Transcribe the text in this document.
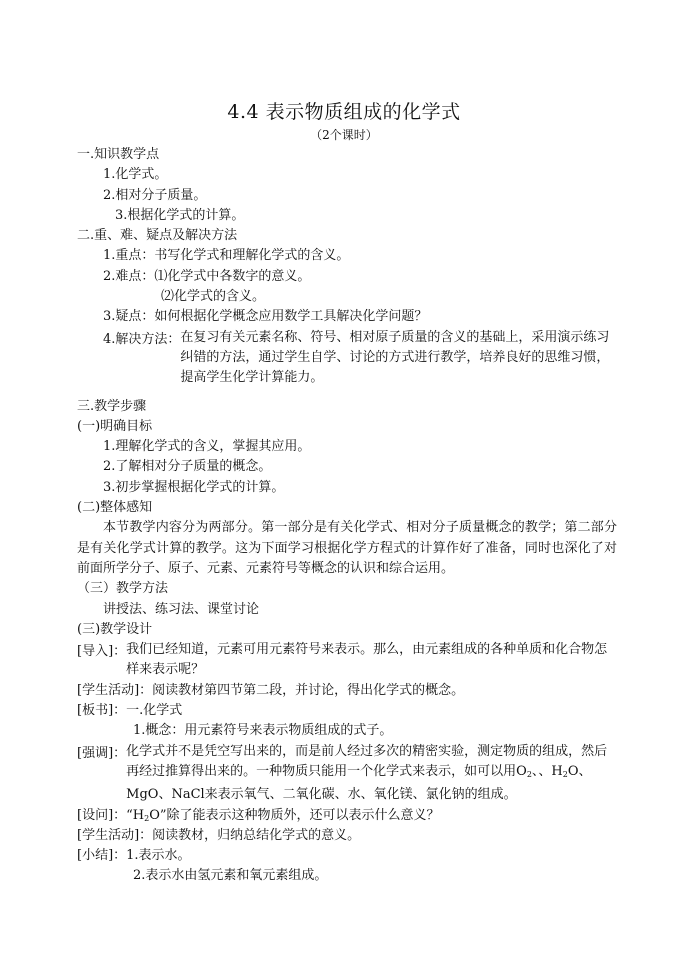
4.4 表示物质组成的化学式
（2个课时）
一.知识教学点
1.化学式。
2.相对分子质量。
3.根据化学式的计算。
二.重、难、疑点及解决方法
1.重点：书写化学式和理解化学式的含义。
2.难点：⑴化学式中各数字的意义。
⑵化学式的含义。
3.疑点：如何根据化学概念应用数学工具解决化学问题？
4.解决方法： 在复习有关元素名称、符号、相对原子质量的含义的基础上，采用演示练习纠错的方法，通过学生自学、讨论的方式进行教学，培养良好的思维习惯，提高学生化学计算能力。
三.教学步骤
(一)明确目标
1.理解化学式的含义，掌握其应用。
2.了解相对分子质量的概念。
3.初步掌握根据化学式的计算。
(二)整体感知
本节教学内容分为两部分。第一部分是有关化学式、相对分子质量概念的教学；第二部分是有关化学式计算的教学。这为下面学习根据化学方程式的计算作好了准备，同时也深化了对前面所学分子、原子、元素、元素符号等概念的认识和综合运用。
（三）教学方法
讲授法、练习法、课堂讨论
(三)教学设计
[导入]： 我们已经知道，元素可用元素符号来表示。那么，由元素组成的各种单质和化合物怎样来表示呢？
[学生活动]：阅读教材第四节第二段，并讨论，得出化学式的概念。
[板书]：一.化学式
1.概念：用元素符号来表示物质组成的式子。
[强调]： 化学式并不是凭空写出来的，而是前人经过多次的精密实验，测定物质的组成，然后再经过推算得出来的。一种物质只能用一个化学式来表示，如可以用$O_2$、、$H_2O$、MgO、NaCl来表示氧气、二氧化碳、水、氧化镁、氯化钠的组成。
[设问]：“$H_2O$”除了能表示这种物质外，还可以表示什么意义？
[学生活动]：阅读教材，归纳总结化学式的意义。
[小结]：1.表示水。
2.表示水由氢元素和氧元素组成。
